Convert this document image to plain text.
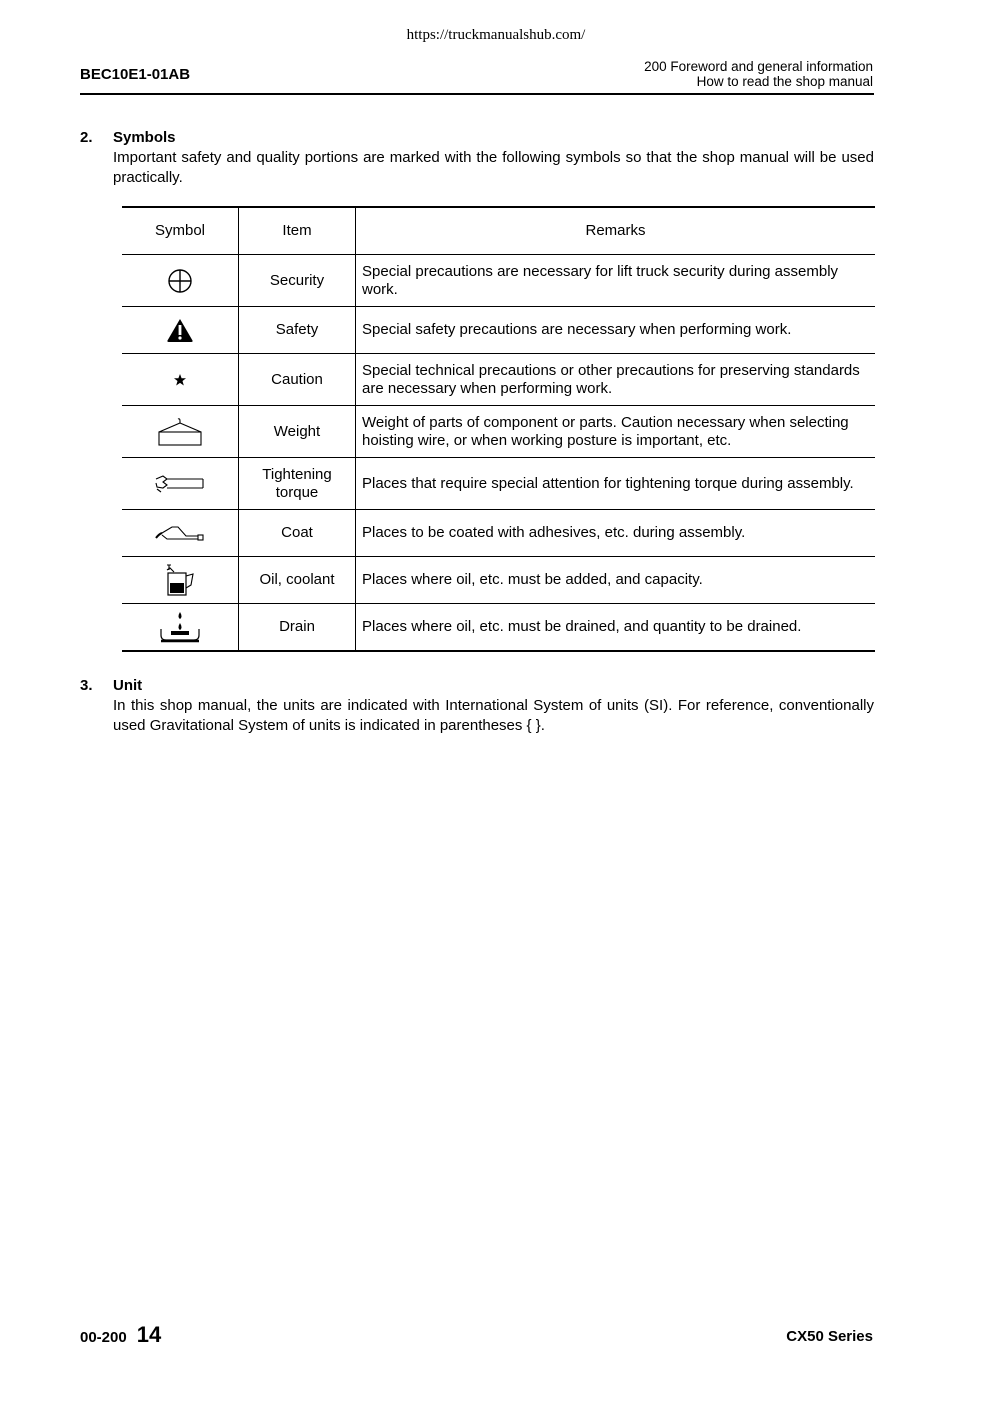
https://truckmanualshub.com/
BEC10E1-01AB	200 Foreword and general information
How to read the shop manual
2. Symbols
Important safety and quality portions are marked with the following symbols so that the shop manual will be used practically.
Symbol	Item	Remarks

	Security	Special precautions are necessary for lift truck security during assembly work.

	Safety	Special safety precautions are necessary when performing work.

	Caution	Special technical precautions or other precautions for preserving standards are necessary when performing work.

	Weight	Weight of parts of component or parts. Caution necessary when selecting hoisting wire, or when working posture is important, etc.

	Tightening torque	Places that require special attention for tightening torque during assembly.

	Coat	Places to be coated with adhesives, etc. during assembly.

	Oil, coolant	Places where oil, etc. must be added, and capacity.

	Drain	Places where oil, etc. must be drained, and quantity to be drained.
3. Unit
In this shop manual, the units are indicated with International System of units (SI). For reference, conventionally used Gravitational System of units is indicated in parentheses { }.
00-200 14	CX50 Series
